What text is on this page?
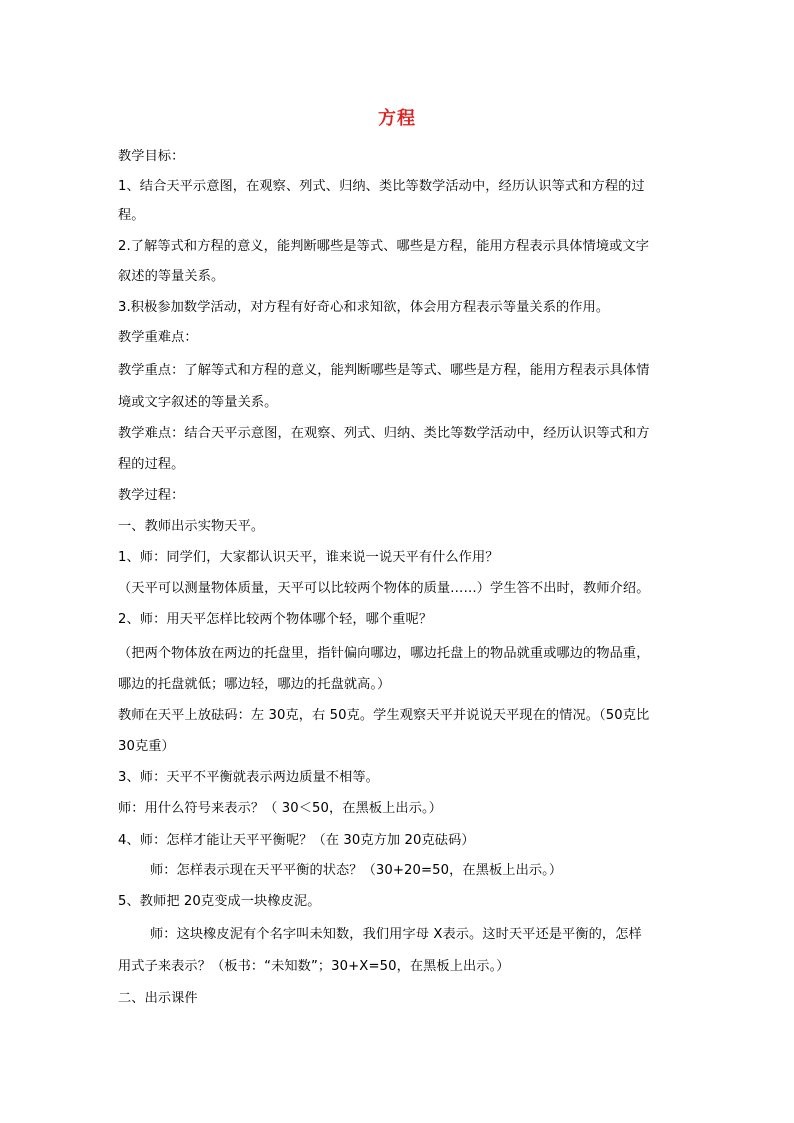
方程
教学目标：
1、结合天平示意图，在观察、列式、归纳、类比等数学活动中，经历认识等式和方程的过
程。
2.了解等式和方程的意义，能判断哪些是等式、哪些是方程，能用方程表示具体情境或文字
叙述的等量关系。
3.积极参加数学活动，对方程有好奇心和求知欲，体会用方程表示等量关系的作用。
教学重难点：
教学重点：了解等式和方程的意义，能判断哪些是等式、哪些是方程，能用方程表示具体情
境或文字叙述的等量关系。
教学难点：结合天平示意图，在观察、列式、归纳、类比等数学活动中，经历认识等式和方
程的过程。
教学过程：
一、教师出示实物天平。
1、师：同学们，大家都认识天平，谁来说一说天平有什么作用？
（天平可以测量物体质量，天平可以比较两个物体的质量……）学生答不出时，教师介绍。
2、师：用天平怎样比较两个物体哪个轻，哪个重呢？
（把两个物体放在两边的托盘里，指针偏向哪边，哪边托盘上的物品就重或哪边的物品重，
哪边的托盘就低；哪边轻，哪边的托盘就高。）
教师在天平上放砝码：左 30克，右 50克。学生观察天平并说说天平现在的情况。（50克比
30克重）
3、师：天平不平衡就表示两边质量不相等。
师：用什么符号来表示？（ 30＜50，在黑板上出示。）
4、师：怎样才能让天平平衡呢？（在 30克方加 20克砝码）
师：怎样表示现在天平平衡的状态？（30+20=50，在黑板上出示。）
5、教师把 20克变成一块橡皮泥。
师：这块橡皮泥有个名字叫未知数，我们用字母 X表示。这时天平还是平衡的，怎样
用式子来表示？（板书：“未知数”；30+X=50，在黑板上出示。）
二、出示课件
